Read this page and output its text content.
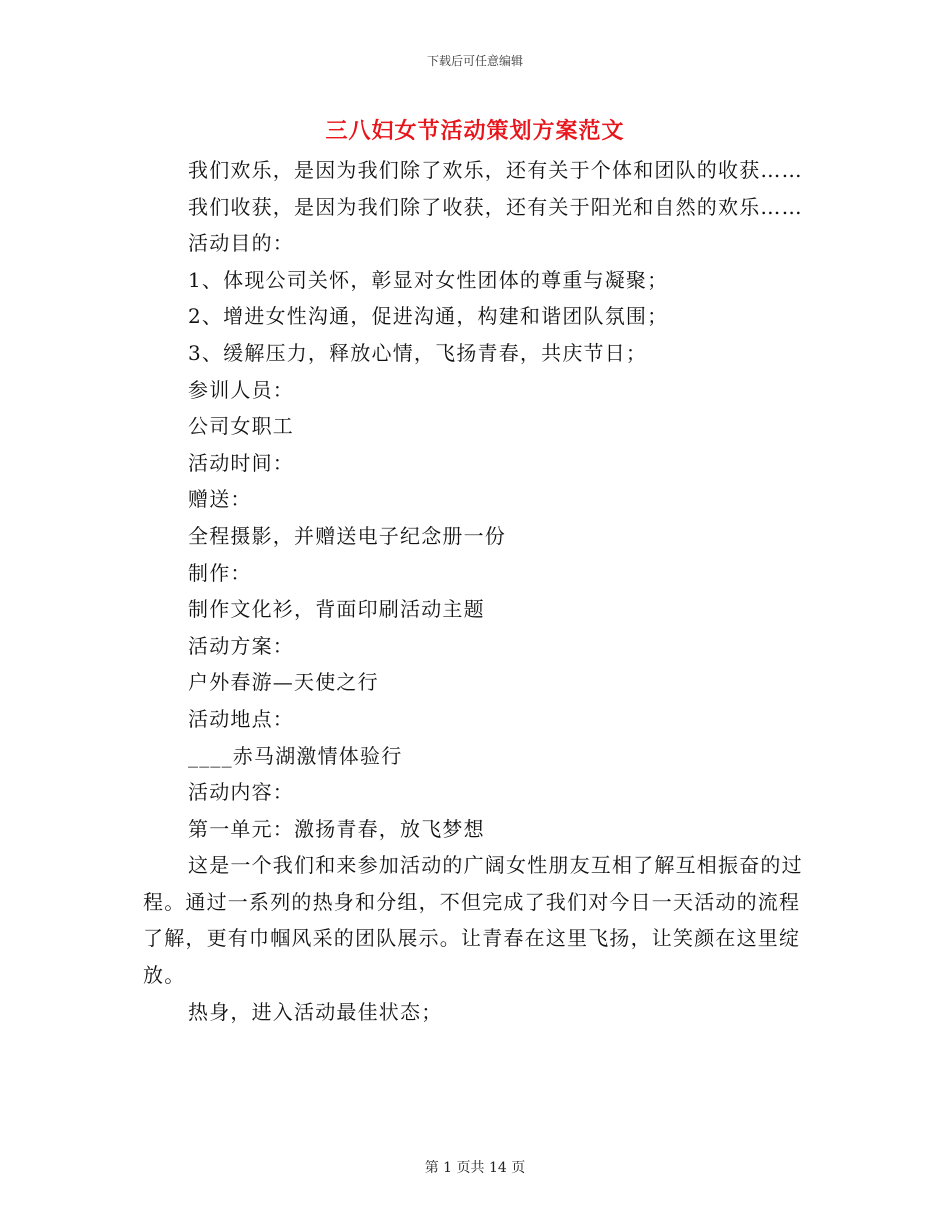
下载后可任意编辑
三八妇女节活动策划方案范文

我们欢乐，是因为我们除了欢乐，还有关于个体和团队的收获……

我们收获，是因为我们除了收获，还有关于阳光和自然的欢乐……

活动目的：

1、体现公司关怀，彰显对女性团体的尊重与凝聚；

2、增进女性沟通，促进沟通，构建和谐团队氛围；

3、缓解压力，释放心情，飞扬青春，共庆节日；

参训人员：

公司女职工

活动时间：

赠送：

全程摄影，并赠送电子纪念册一份

制作：

制作文化衫，背面印刷活动主题

活动方案：

户外春游—天使之行

活动地点：

____赤马湖激情体验行

活动内容：

第一单元：激扬青春，放飞梦想

这是一个我们和来参加活动的广阔女性朋友互相了解互相振奋的过程。通过一系列的热身和分组，不但完成了我们对今日一天活动的流程了解，更有巾帼风采的团队展示。让青春在这里飞扬，让笑颜在这里绽放。

热身，进入活动最佳状态；

第 1 页共 14 页
